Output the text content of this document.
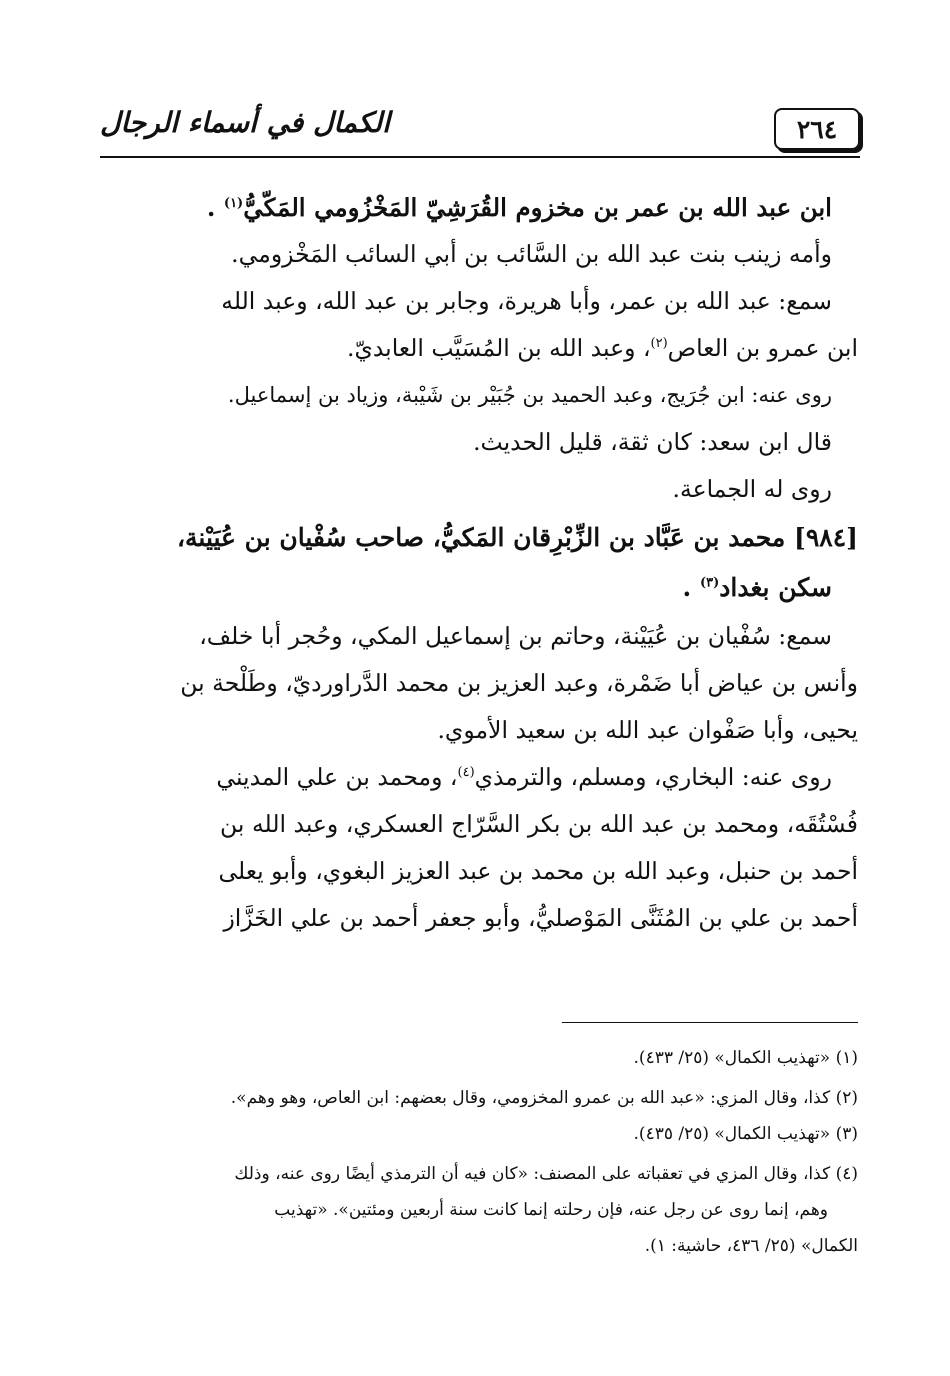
٢٦٤
الكمال في أسماء الرجال

ابن عبد الله بن عمر بن مخزوم القُرَشِيّ المَخْزُومي المَكّيُّ$^{(١)}$ .

وأمه زينب بنت عبد الله بن السَّائب بن أبي السائب المَخْزومي.

سمع: عبد الله بن عمر، وأبا هريرة، وجابر بن عبد الله، وعبد الله

ابن عمرو بن العاص$^{(٢)}$، وعبد الله بن المُسَيَّب العابديّ.

روى عنه: ابن جُرَيج، وعبد الحميد بن جُبَيْر بن شَيْبة، وزياد بن إسماعيل.

قال ابن سعد: كان ثقة، قليل الحديث.

روى له الجماعة.

[٩٨٤] محمد بن عَبَّاد بن الزِّبْرِقان المَكيُّ، صاحب سُفْيان بن عُيَيْنة،

سكن بغداد$^{(٣)}$ .

سمع: سُفْيان بن عُيَيْنة، وحاتم بن إسماعيل المكي، وحُجر أبا خلف،

وأنس بن عياض أبا ضَمْرة، وعبد العزيز بن محمد الدَّراورديّ، وطَلْحة بن

يحيى، وأبا صَفْوان عبد الله بن سعيد الأموي.

روى عنه: البخاري، ومسلم، والترمذي$^{(٤)}$، ومحمد بن علي المديني

فُسْتُقَه، ومحمد بن عبد الله بن بكر السَّرّاج العسكري، وعبد الله بن

أحمد بن حنبل، وعبد الله بن محمد بن عبد العزيز البغوي، وأبو يعلى

أحمد بن علي بن المُثَنَّى المَوْصليُّ، وأبو جعفر أحمد بن علي الخَزَّاز

(١) «تهذيب الكمال» (٢٥/ ٤٣٣).

(٢) كذا، وقال المزي: «عبد الله بن عمرو المخزومي، وقال بعضهم: ابن العاص، وهو وهم».

(٣) «تهذيب الكمال» (٢٥/ ٤٣٥).

(٤) كذا، وقال المزي في تعقباته على المصنف: «كان فيه أن الترمذي أيضًا روى عنه، وذلك

وهم، إنما روى عن رجل عنه، فإن رحلته إنما كانت سنة أربعين ومئتين». «تهذيب

الكمال» (٢٥/ ٤٣٦، حاشية: ١).
